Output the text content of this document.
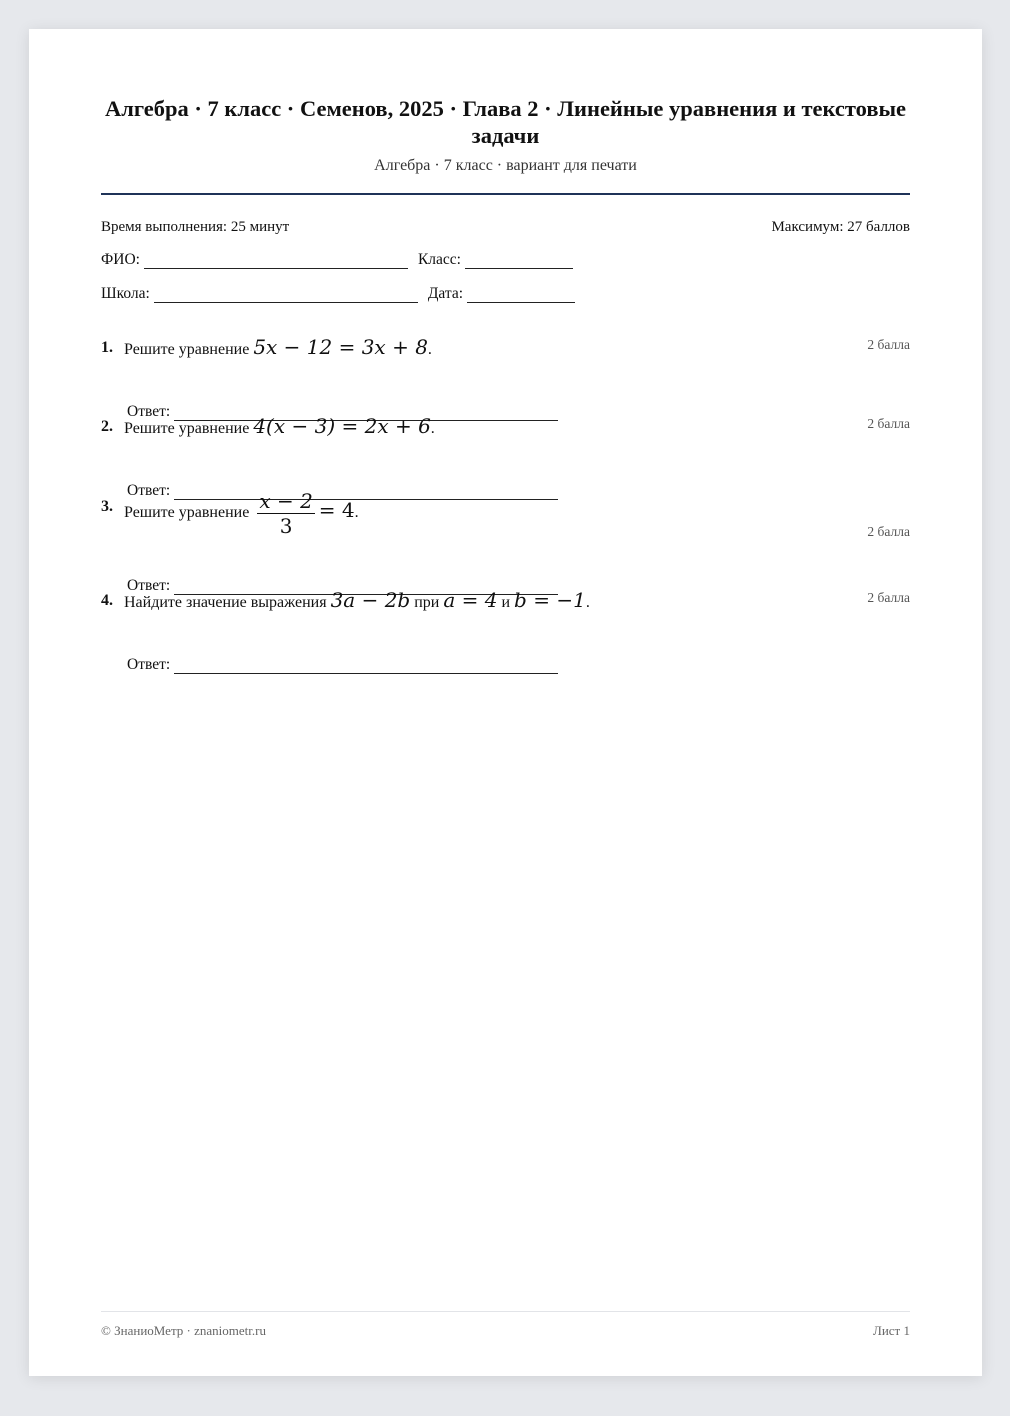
Алгебра · 7 класс · Семенов, 2025 · Глава 2 · Линейные уравнения и текстовые задачи
Алгебра · 7 класс · вариант для печати
Время выполнения: 25 минут	Максимум: 27 баллов
ФИО:	Класс:
Школа:	Дата:
1. Решите уравнение 5x − 12 = 3x + 8.	2 балла
Ответ:
2. Решите уравнение 4(x − 3) = 2x + 6.	2 балла
Ответ:
3. Решите уравнение $\frac{x - 2}{3} = 4$.
2 балла
Ответ:
4. Найдите значение выражения 3a − 2b при a = 4 и b = −1.	2 балла
Ответ:
© ЗнаниоМетр · znaniometr.ru	Лист 1
